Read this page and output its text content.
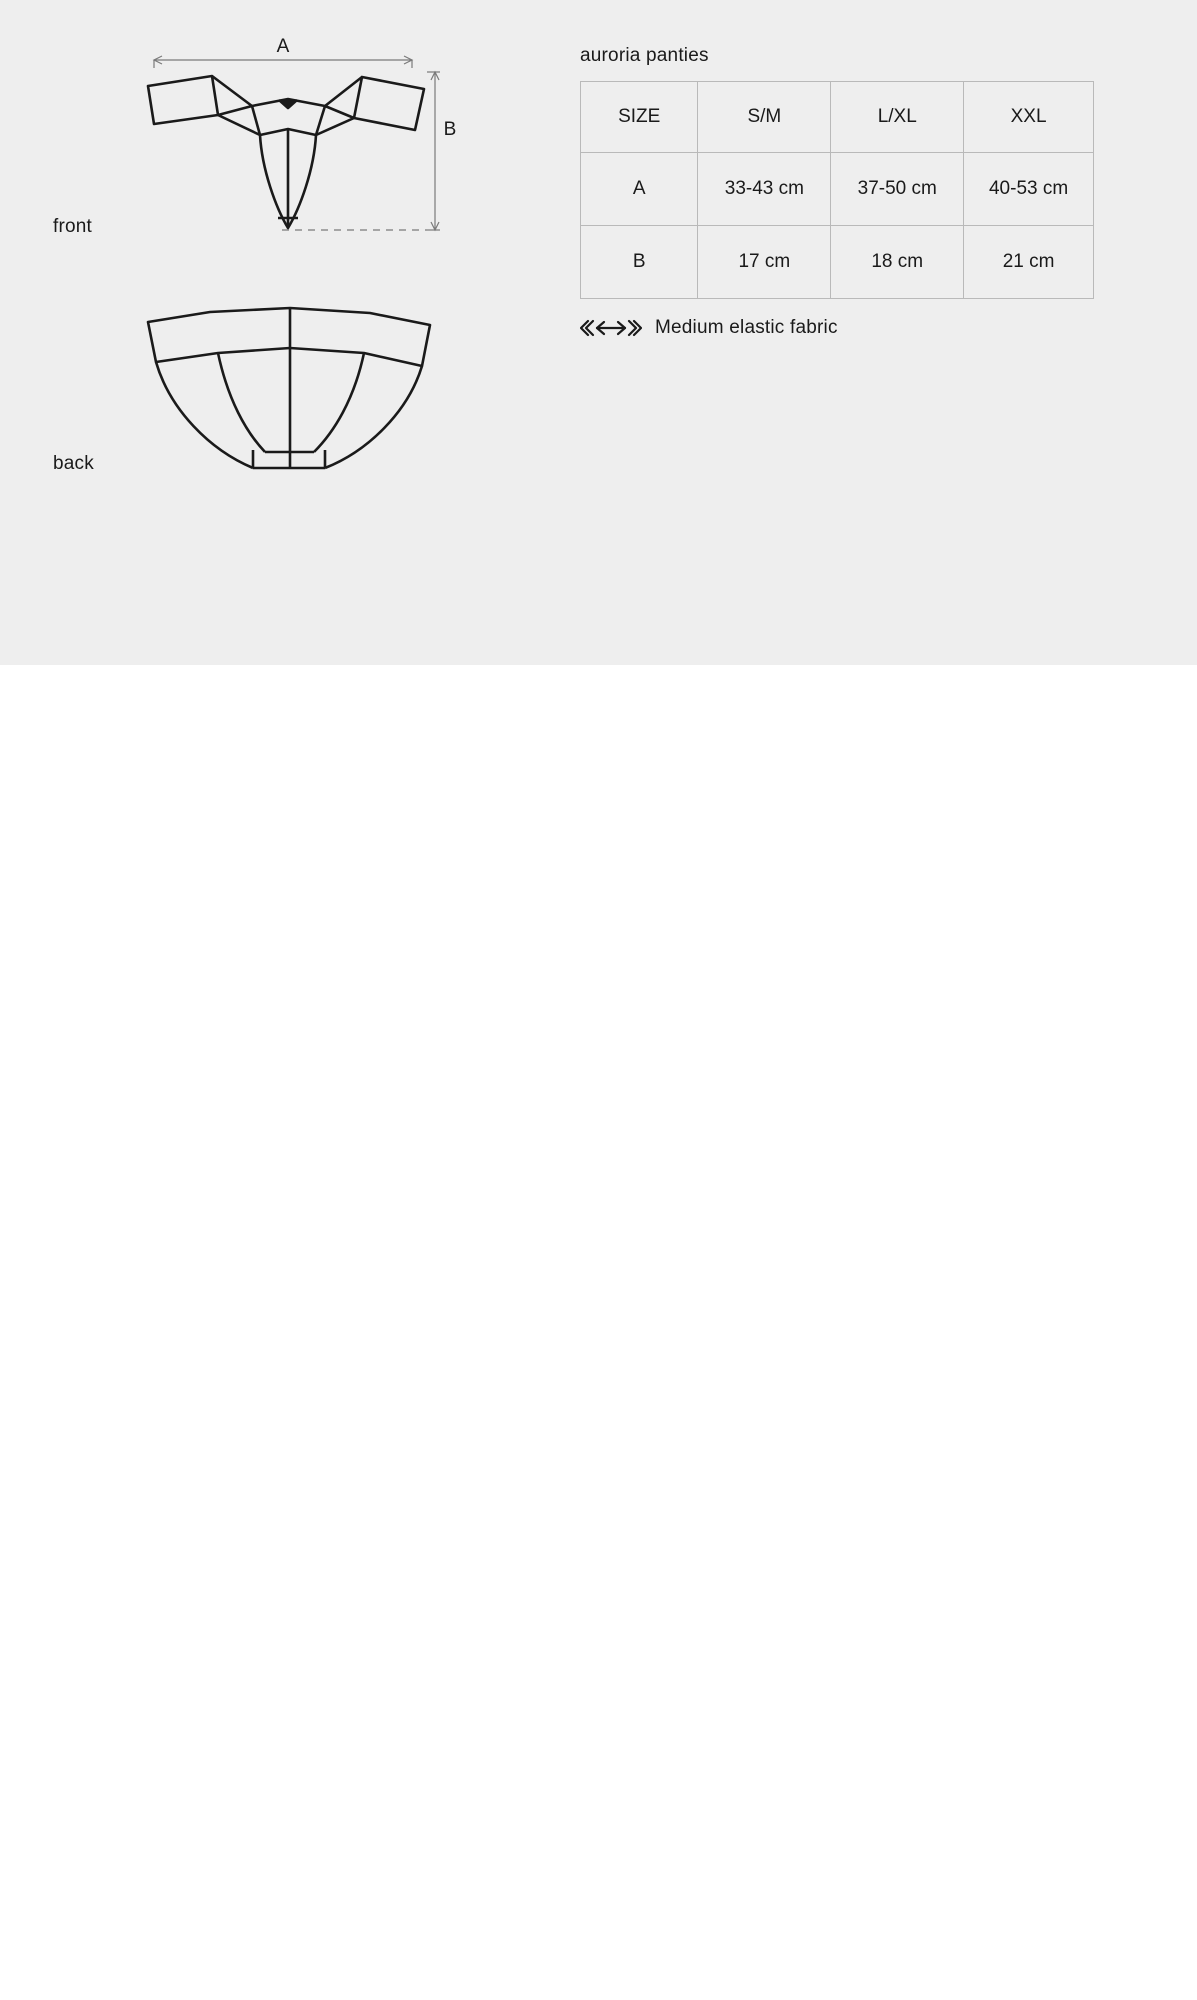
front
back
A
B
auroria panties
SIZE	S/M	L/XL	XXL
A	33-43 cm	37-50 cm	40-53 cm
B	17 cm	18 cm	21 cm
Medium elastic fabric
